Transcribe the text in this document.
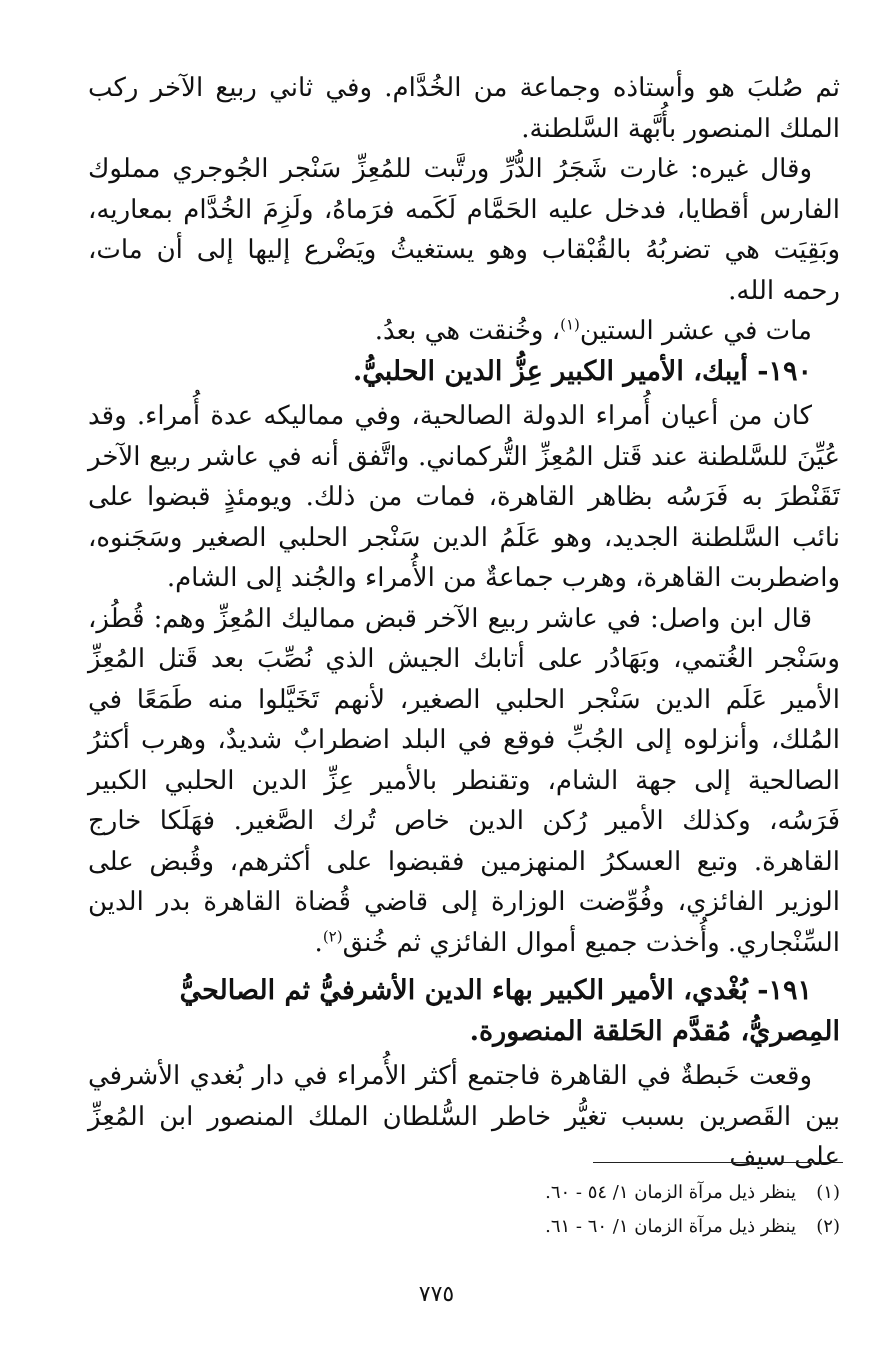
ثم صُلبَ هو وأستاذه وجماعة من الخُدَّام. وفي ثاني ربيع الآخر ركب الملك المنصور بأُبَّهة السَّلطنة.

وقال غيره: غارت شَجَرُ الدُّرِّ ورتَّبت للمُعِزِّ سَنْجر الجُوجري مملوك الفارس أقطايا، فدخل عليه الحَمَّام لَكَمه فرَماهُ، ولَزِمَ الخُدَّام بمعاريه، وبَقِيَت هي تضربُهُ بالقُبْقاب وهو يستغيثُ ويَضْرع إليها إلى أن مات، رحمه الله.

مات في عشر الستين$^{(١)}$، وخُنقت هي بعدُ.

١٩٠- أيبك، الأمير الكبير عِزُّ الدين الحلبيُّ.

كان من أعيان أُمراء الدولة الصالحية، وفي مماليكه عدة أُمراء. وقد عُيِّنَ للسَّلطنة عند قَتل المُعِزِّ التُّركماني. واتَّفق أنه في عاشر ربيع الآخر تَقَنْطرَ به فَرَسُه بظاهر القاهرة، فمات من ذلك. ويومئذٍ قبضوا على نائب السَّلطنة الجديد، وهو عَلَمُ الدين سَنْجر الحلبي الصغير وسَجَنوه، واضطربت القاهرة، وهرب جماعةٌ من الأُمراء والجُند إلى الشام.

قال ابن واصل: في عاشر ربيع الآخر قبض مماليك المُعِزِّ وهم: قُطُز، وسَنْجر الغُتمي، وبَهَادُر على أتابك الجيش الذي نُصِّبَ بعد قَتل المُعِزِّ الأمير عَلَم الدين سَنْجر الحلبي الصغير، لأنهم تَخَيَّلوا منه طَمَعًا في المُلك، وأنزلوه إلى الجُبِّ فوقع في البلد اضطرابٌ شديدٌ، وهرب أكثرُ الصالحية إلى جهة الشام، وتقنطر بالأمير عِزِّ الدين الحلبي الكبير فَرَسُه، وكذلك الأمير رُكن الدين خاص تُرك الصَّغير. فهَلَكا خارج القاهرة. وتبع العسكرُ المنهزمين فقبضوا على أكثرهم، وقُبض على الوزير الفائزي، وفُوِّضت الوزارة إلى قاضي قُضاة القاهرة بدر الدين السِّنْجاري. وأُخذت جميع أموال الفائزي ثم خُنق$^{(٢)}$.

١٩١- بُغْدي، الأمير الكبير بهاء الدين الأشرفيُّ ثم الصالحيُّ المِصريُّ، مُقدَّم الحَلقة المنصورة.

وقعت خَبطةٌ في القاهرة فاجتمع أكثر الأُمراء في دار بُغدي الأشرفي بين القَصرين بسبب تغيُّر خاطر السُّلطان الملك المنصور ابن المُعِزِّ على سيف

(١)ينظر ذيل مرآة الزمان ١/ ٥٤ - ٦٠.

(٢)ينظر ذيل مرآة الزمان ١/ ٦٠ - ٦١.

٧٧٥
